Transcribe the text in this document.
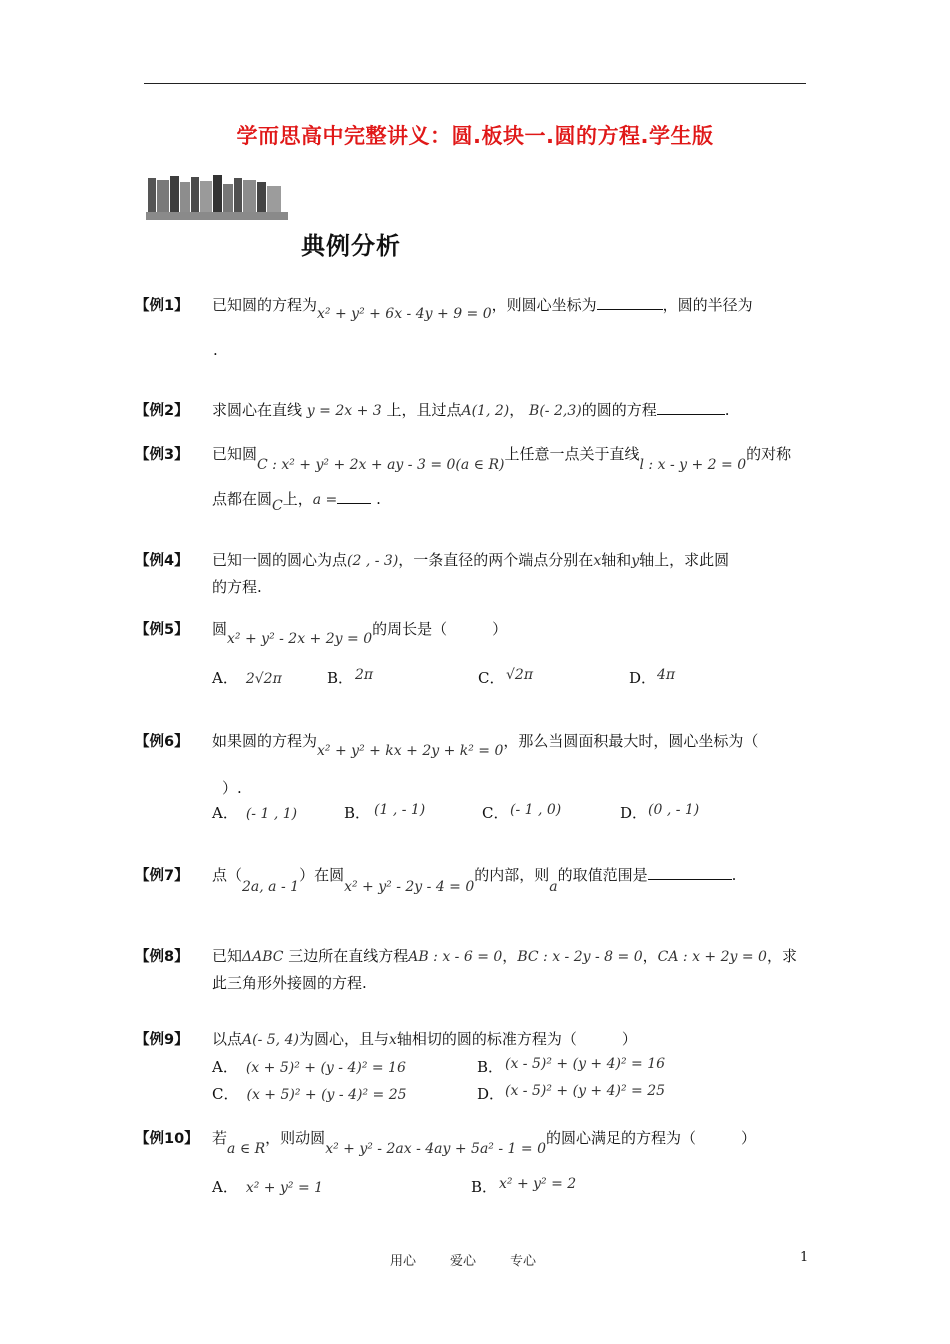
学而思高中完整讲义：圆.板块一.圆的方程.学生版
典例分析
【例1】 已知圆的方程为x² + y² + 6x - 4y + 9 = 0，则圆心坐标为	，圆的半径为
.
【例2】 求圆心在直线 y = 2x + 3 上，且过点A(1, 2)， B(- 2,3)的圆的方程	.
【例3】 已知圆C : x² + y² + 2x + ay - 3 = 0(a ∈ R)上任意一点关于直线l : x - y + 2 = 0的对称
点都在圆C上，a =	.
【例4】 已知一圆的圆心为点(2 , - 3)，一条直径的两个端点分别在x轴和y轴上，求此圆
的方程.
【例5】 圆x² + y² - 2x + 2y = 0的周长是（　　　）
A． 2√2π	B． 2π	C． √2π	D． 4π
【例6】 如果圆的方程为x² + y² + kx + 2y + k² = 0，那么当圆面积最大时，圆心坐标为（
）.
A． (- 1 , 1)	B． (1 , - 1)	C． (- 1 , 0)	D． (0 , - 1)
【例7】 点（2a, a - 1）在圆x² + y² - 2y - 4 = 0的内部，则a的取值范围是	.
【例8】 已知ΔABC 三边所在直线方程AB : x - 6 = 0，BC : x - 2y - 8 = 0，CA : x + 2y = 0，求
此三角形外接圆的方程.
【例9】 以点A(- 5, 4)为圆心，且与x轴相切的圆的标准方程为（　　　）
A． (x + 5)² + (y - 4)² = 16	B． (x - 5)² + (y + 4)² = 16
C． (x + 5)² + (y - 4)² = 25	D． (x - 5)² + (y + 4)² = 25
【例10】 若a ∈ R，则动圆x² + y² - 2ax - 4ay + 5a² - 1 = 0的圆心满足的方程为（　　　）
A． x² + y² = 1	B． x² + y² = 2
用心	爱心	专心	1
